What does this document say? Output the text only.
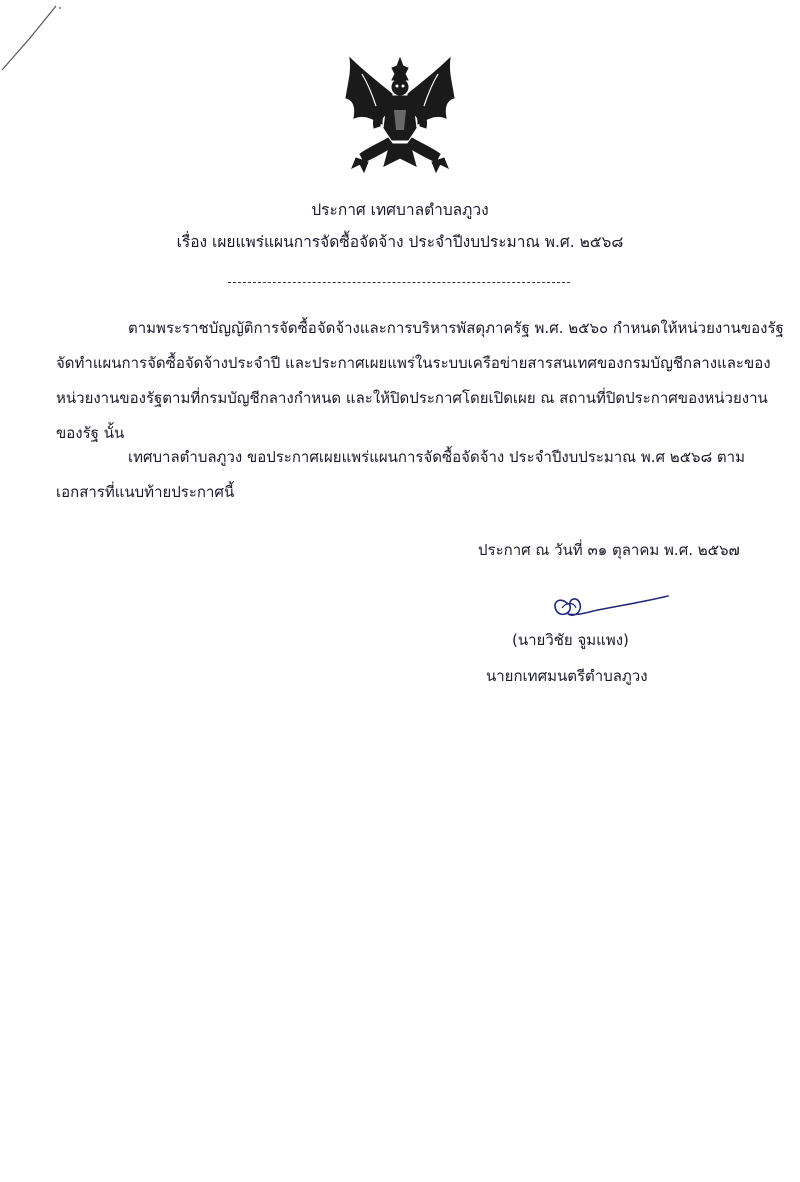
ประกาศ เทศบาลตำบลภูวง
เรื่อง เผยแพร่แผนการจัดซื้อจัดจ้าง ประจำปีงบประมาณ พ.ศ. ๒๕๖๘
ตามพระราชบัญญัติการจัดซื้อจัดจ้างและการบริหารพัสดุภาครัฐ พ.ศ. ๒๕๖๐ กำหนดให้หน่วยงานของรัฐ
จัดทำแผนการจัดซื้อจัดจ้างประจำปี และประกาศเผยแพร่ในระบบเครือข่ายสารสนเทศของกรมบัญชีกลางและของ
หน่วยงานของรัฐตามที่กรมบัญชีกลางกำหนด และให้ปิดประกาศโดยเปิดเผย ณ สถานที่ปิดประกาศของหน่วยงาน
ของรัฐ นั้น
เทศบาลตำบลภูวง ขอประกาศเผยแพร่แผนการจัดซื้อจัดจ้าง ประจำปีงบประมาณ พ.ศ ๒๕๖๘ ตาม
เอกสารที่แนบท้ายประกาศนี้
ประกาศ ณ วันที่ ๓๑ ตุลาคม พ.ศ. ๒๕๖๗
(นายวิชัย จูมแพง)
นายกเทศมนตรีตำบลภูวง
